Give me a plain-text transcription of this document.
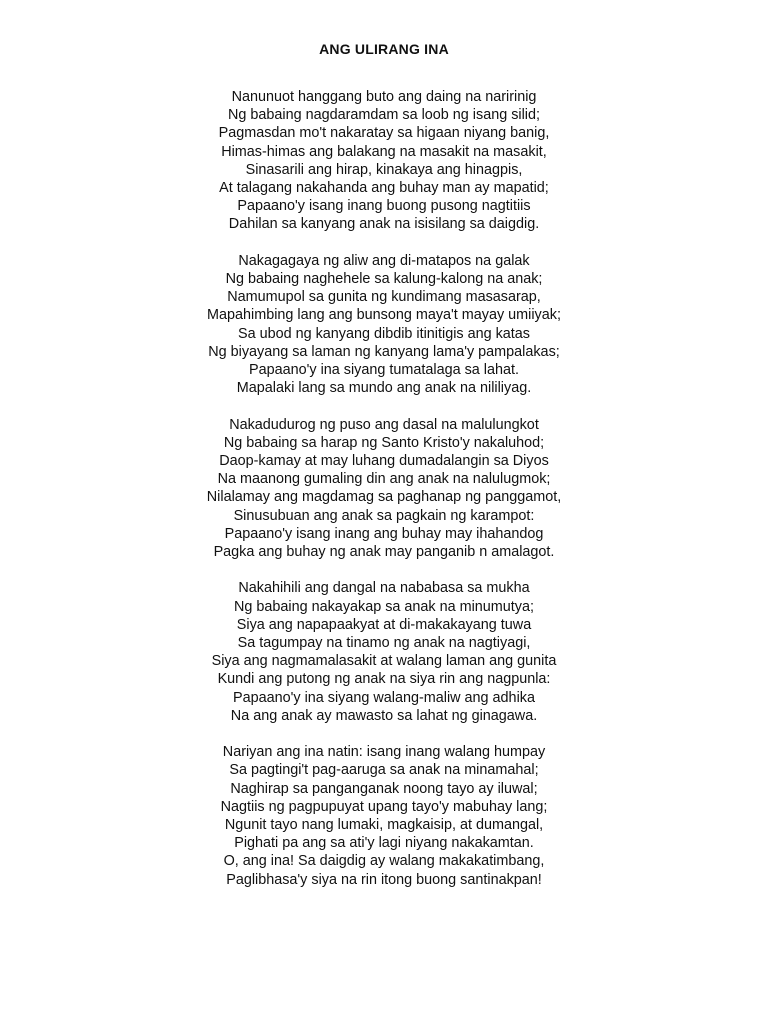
ANG ULIRANG INA
Nanunuot hanggang buto ang daing na naririnig
Ng babaing nagdaramdam sa loob ng isang silid;
Pagmasdan mo't nakaratay sa higaan niyang banig,
Himas-himas ang balakang na masakit na masakit,
Sinasarili ang hirap, kinakaya ang hinagpis,
At talagang nakahanda ang buhay man ay mapatid;
Papaano'y isang inang buong pusong nagtitiis
Dahilan sa kanyang anak na isisilang sa daigdig.
Nakagagaya ng aliw ang di-matapos na galak
Ng babaing naghehele sa kalung-kalong na anak;
Namumupol sa gunita ng kundimang masasarap,
Mapahimbing lang ang bunsong maya't mayay umiiyak;
Sa ubod ng kanyang dibdib itinitigis ang katas
Ng biyayang sa laman ng kanyang lama'y pampalakas;
Papaano'y ina siyang tumatalaga sa lahat.
Mapalaki lang sa mundo ang anak na nililiyag.
Nakadudurog ng puso ang dasal na malulungkot
Ng babaing sa harap ng Santo Kristo'y nakaluhod;
Daop-kamay at may luhang dumadalangin sa Diyos
Na maanong gumaling din ang anak na nalulugmok;
Nilalamay ang magdamag sa paghanap ng panggamot,
Sinusubuan ang anak sa pagkain ng karampot:
Papaano'y isang inang ang buhay may ihahandog
Pagka ang buhay ng anak may panganib n amalagot.
Nakahihili ang dangal na nababasa sa mukha
Ng babaing nakayakap sa anak na minumutya;
Siya ang napapaakyat at di-makakayang tuwa
Sa tagumpay na tinamo ng anak na nagtiyagi,
Siya ang nagmamalasakit at walang laman ang gunita
Kundi ang putong ng anak na siya rin ang nagpunla:
Papaano'y ina siyang walang-maliw ang adhika
Na ang anak ay mawasto sa lahat ng ginagawa.
Nariyan ang ina natin: isang inang walang humpay
Sa pagtingi't pag-aaruga sa anak na minamahal;
Naghirap sa panganganak noong tayo ay iluwal;
Nagtiis ng pagpupuyat upang tayo'y mabuhay lang;
Ngunit tayo nang lumaki, magkaisip, at dumangal,
Pighati pa ang sa ati'y lagi niyang nakakamtan.
O, ang ina! Sa daigdig ay walang makakatimbang,
Paglibhasa'y siya na rin itong buong santinakpan!
